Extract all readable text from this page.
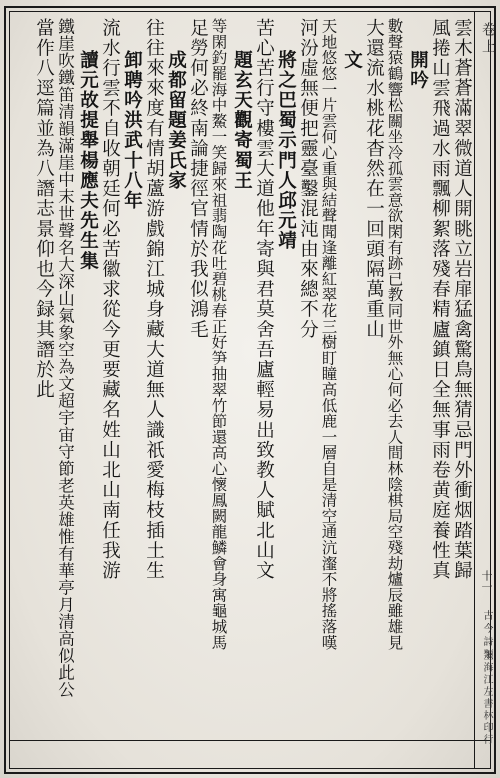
古今詩類
卷上
上海江左書林印行
十一
雲木蒼蒼滿翠微道人開眺立岩扉猛禽驚鳥無猜忌門外衝烟踏葉歸
風捲山雲飛過水雨飄柳絮落殘春精廬鎮日全無事雨卷黄庭養性真
開吟
數聲猿鶴響松關坐冷孤雲意欲閑有跡已教同世外無心何必去人間林陰棋局空殘劫爐辰雖雄見
大還流水桃花杳然在一回頭隔萬重山
文
天地悠悠一片雲何心重與結聲聞逢離紅翠花三樹盯瞳高低鹿一層自是清空通沆瀣不將搖落嘆
河汾虛無便把靈臺鑿混沌由來總不分
將之巴蜀示門人邱元靖
苦心苦行守樓雲大道他年寄與君莫舍吾廬輕易出致教人賦北山文
題玄天觀寄蜀王
等閑釣罷海中鰲一笑歸來祖翡陶花吐碧桃春正好笋抽翠竹節還高心懷鳳闕龍鱗會身寓龜城馬
足勞何必終南論捷徑官情於我似鴻毛
成都留題姜氏家
往往來來度有情胡蘆游戲錦江城身藏大道無人識祇愛梅枝插土生
卸聘吟洪武十八年
流水行雲不自收朝廷何必苦徽求從今更要藏名姓山北山南任我游
讀元故提舉楊應夫先生集
鐵崖吹鐵笛清韻滿崖中末世聲名大深山氣象空為文超宇宙守節老英雄惟有華亭月清高似此公
當作八逕篇並為八譖志景仰也今録其譖於此
